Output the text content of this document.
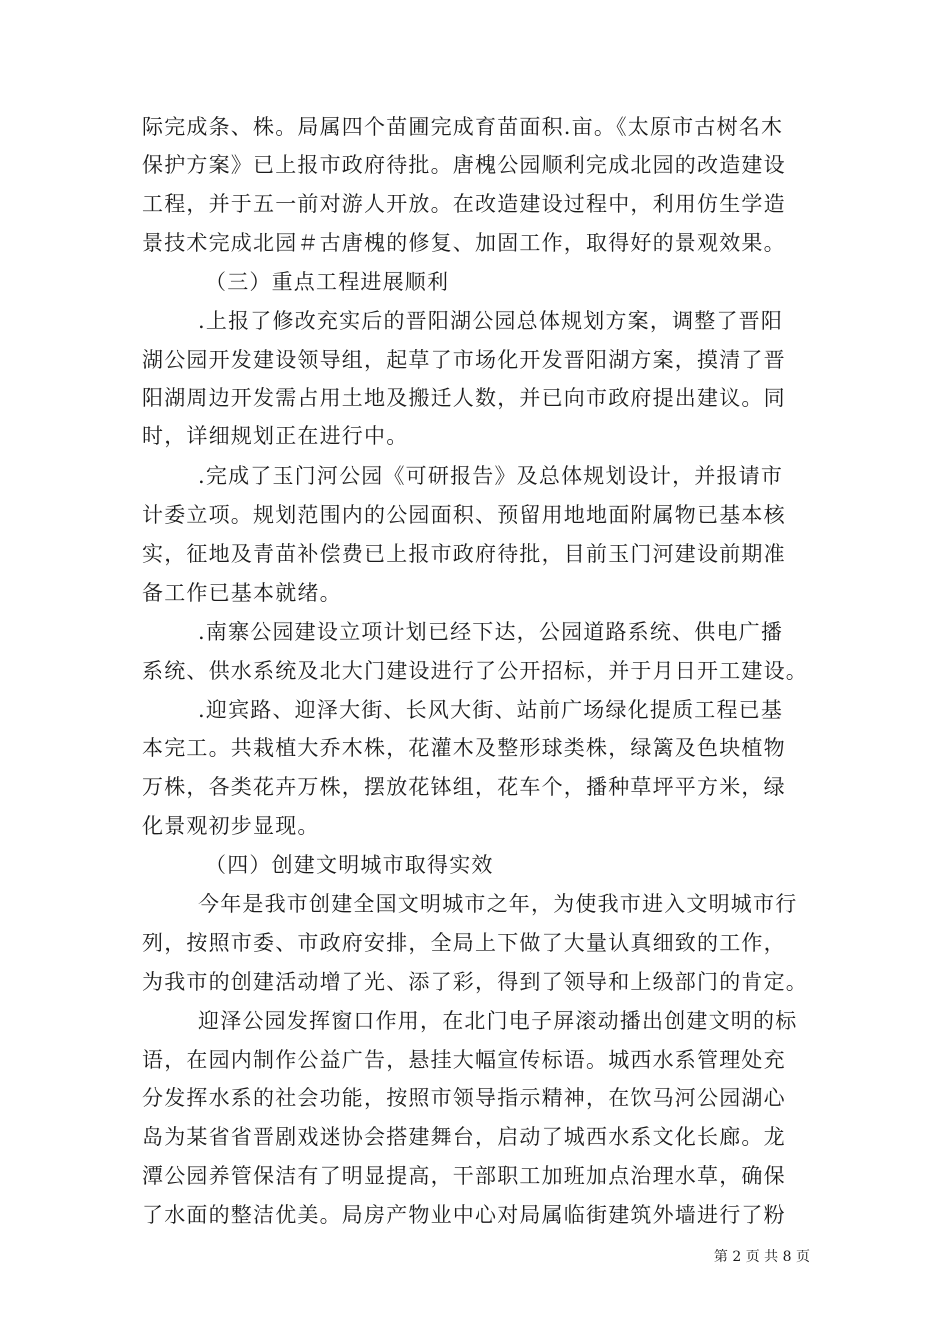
际完成条、株。局属四个苗圃完成育苗面积.亩。《太原市古树名木
保护方案》已上报市政府待批。唐槐公园顺利完成北园的改造建设
工程，并于五一前对游人开放。在改造建设过程中，利用仿生学造
景技术完成北园＃古唐槐的修复、加固工作，取得好的景观效果。
（三）重点工程进展顺利
.上报了修改充实后的晋阳湖公园总体规划方案，调整了晋阳
湖公园开发建设领导组，起草了市场化开发晋阳湖方案，摸清了晋
阳湖周边开发需占用土地及搬迁人数，并已向市政府提出建议。同
时，详细规划正在进行中。
.完成了玉门河公园《可研报告》及总体规划设计，并报请市
计委立项。规划范围内的公园面积、预留用地地面附属物已基本核
实，征地及青苗补偿费已上报市政府待批，目前玉门河建设前期准
备工作已基本就绪。
.南寨公园建设立项计划已经下达，公园道路系统、供电广播
系统、供水系统及北大门建设进行了公开招标，并于月日开工建设。
.迎宾路、迎泽大街、长风大街、站前广场绿化提质工程已基
本完工。共栽植大乔木株，花灌木及整形球类株，绿篱及色块植物
万株，各类花卉万株，摆放花钵组，花车个，播种草坪平方米，绿
化景观初步显现。
（四）创建文明城市取得实效
今年是我市创建全国文明城市之年，为使我市进入文明城市行
列，按照市委、市政府安排，全局上下做了大量认真细致的工作，
为我市的创建活动增了光、添了彩，得到了领导和上级部门的肯定。
迎泽公园发挥窗口作用，在北门电子屏滚动播出创建文明的标
语，在园内制作公益广告，悬挂大幅宣传标语。城西水系管理处充
分发挥水系的社会功能，按照市领导指示精神，在饮马河公园湖心
岛为某省省晋剧戏迷协会搭建舞台，启动了城西水系文化长廊。龙
潭公园养管保洁有了明显提高，干部职工加班加点治理水草，确保
了水面的整洁优美。局房产物业中心对局属临街建筑外墙进行了粉
第 2 页 共 8 页
